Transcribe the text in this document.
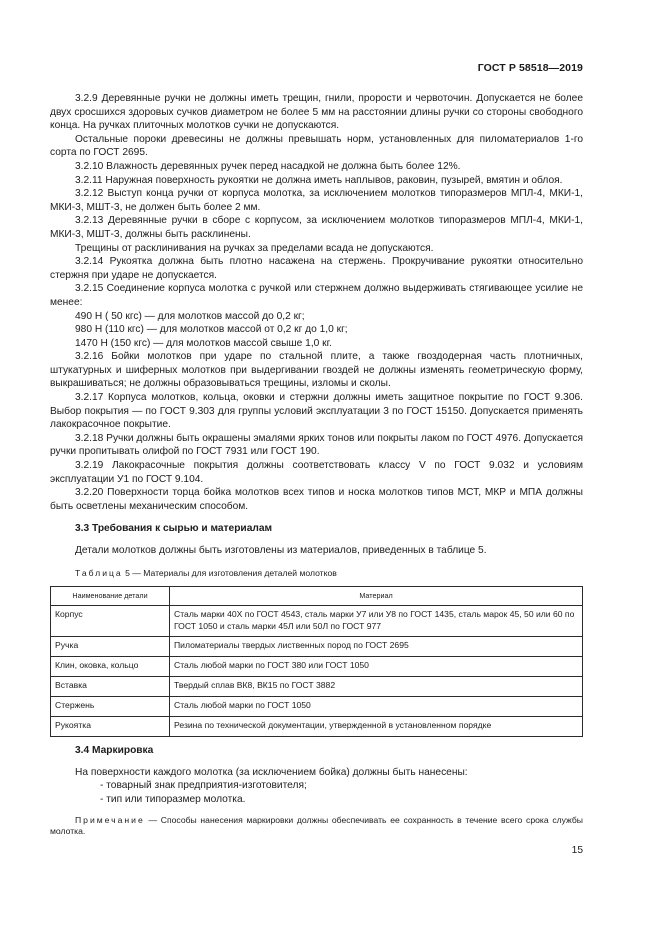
ГОСТ Р 58518—2019

3.2.9 Деревянные ручки не должны иметь трещин, гнили, прорости и червоточин. Допускается не более двух сросшихся здоровых сучков диаметром не более 5 мм на расстоянии длины ручки со стороны свободного конца. На ручках плиточных молотков сучки не допускаются.

Остальные пороки древесины не должны превышать норм, установленных для пиломатериалов 1-го сорта по ГОСТ 2695.

3.2.10 Влажность деревянных ручек перед насадкой не должна быть более 12%.

3.2.11 Наружная поверхность рукоятки не должна иметь наплывов, раковин, пузырей, вмятин и облоя.

3.2.12 Выступ конца ручки от корпуса молотка, за исключением молотков типоразмеров МПЛ-4, МКИ-1, МКИ-3, МШТ-3, не должен быть более 2 мм.

3.2.13 Деревянные ручки в сборе с корпусом, за исключением молотков типоразмеров МПЛ-4, МКИ-1, МКИ-3, МШТ-3, должны быть расклинены.

Трещины от расклинивания на ручках за пределами всада не допускаются.

3.2.14 Рукоятка должна быть плотно насажена на стержень. Прокручивание рукоятки относительно стержня при ударе не допускается.

3.2.15 Соединение корпуса молотка с ручкой или стержнем должно выдерживать стягивающее усилие не менее:

490 Н ( 50 кгс) — для молотков массой до 0,2 кг;

980 Н (110 кгс) — для молотков массой от 0,2 кг до 1,0 кг;

1470 Н (150 кгс) — для молотков массой свыше 1,0 кг.

3.2.16 Бойки молотков при ударе по стальной плите, а также гвоздодерная часть плотничных, штукатурных и шиферных молотков при выдергивании гвоздей не должны изменять геометрическую форму, выкрашиваться; не должны образовываться трещины, изломы и сколы.

3.2.17 Корпуса молотков, кольца, оковки и стержни должны иметь защитное покрытие по ГОСТ 9.306. Выбор покрытия — по ГОСТ 9.303 для группы условий эксплуатации 3 по ГОСТ 15150. Допускается применять лакокрасочное покрытие.

3.2.18 Ручки должны быть окрашены эмалями ярких тонов или покрыты лаком по ГОСТ 4976. Допускается ручки пропитывать олифой по ГОСТ 7931 или ГОСТ 190.

3.2.19 Лакокрасочные покрытия должны соответствовать классу V по ГОСТ 9.032 и условиям эксплуатации У1 по ГОСТ 9.104.

3.2.20 Поверхности торца бойка молотков всех типов и носка молотков типов МСТ, МКР и МПА должны быть осветлены механическим способом.

3.3 Требования к сырью и материалам

Детали молотков должны быть изготовлены из материалов, приведенных в таблице 5.

Таблица 5 — Материалы для изготовления деталей молотков

Наименование детали	Материал
Корпус	Сталь марки 40Х по ГОСТ 4543, сталь марки У7 или У8 по ГОСТ 1435, сталь марок 45, 50 или 60 по ГОСТ 1050 и сталь марки 45Л или 50Л по ГОСТ 977
Ручка	Пиломатериалы твердых лиственных пород по ГОСТ 2695
Клин, оковка, кольцо	Сталь любой марки по ГОСТ 380 или ГОСТ 1050
Вставка	Твердый сплав ВК8, ВК15 по ГОСТ 3882
Стержень	Сталь любой марки по ГОСТ 1050
Рукоятка	Резина по технической документации, утвержденной в установленном порядке
3.4 Маркировка

На поверхности каждого молотка (за исключением бойка) должны быть нанесены:

- товарный знак предприятия-изготовителя;

- тип или типоразмер молотка.

Примечание — Способы нанесения маркировки должны обеспечивать ее сохранность в течение всего срока службы молотка.

15
